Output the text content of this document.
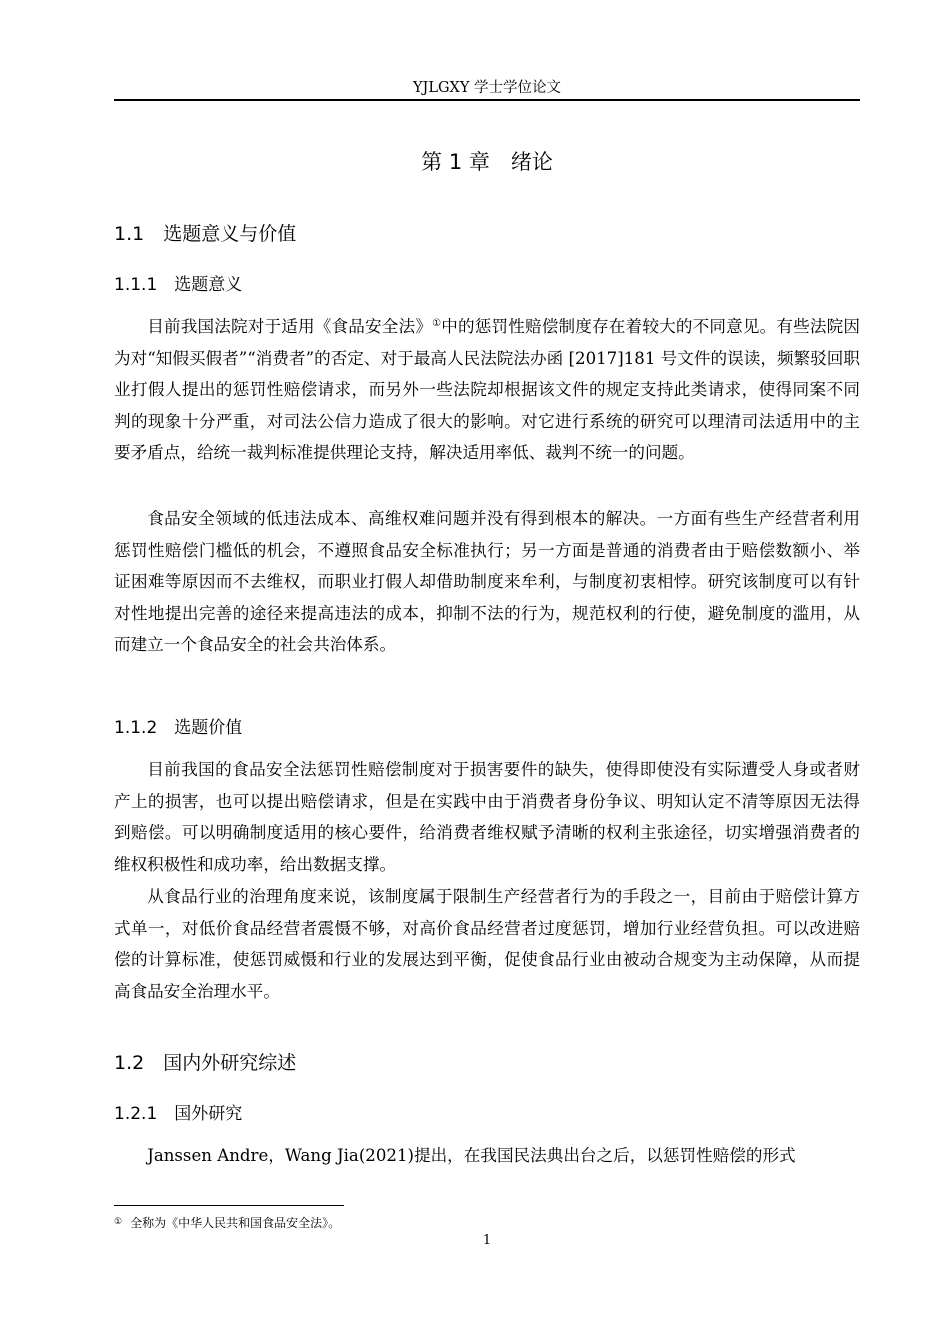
YJLGXY 学士学位论文
第 1 章　绪论
1.1　选题意义与价值
1.1.1　选题意义

目前我国法院对于适用《食品安全法》①中的惩罚性赔偿制度存在着较大的不同意见。有些法院因为对“知假买假者”“消费者”的否定、对于最高人民法院法办函 [2017]181 号文件的误读，频繁驳回职业打假人提出的惩罚性赔偿请求，而另外一些法院却根据该文件的规定支持此类请求，使得同案不同判的现象十分严重，对司法公信力造成了很大的影响。对它进行系统的研究可以理清司法适用中的主要矛盾点，给统一裁判标准提供理论支持，解决适用率低、裁判不统一的问题。

食品安全领域的低违法成本、高维权难问题并没有得到根本的解决。一方面有些生产经营者利用惩罚性赔偿门槛低的机会，不遵照食品安全标准执行；另一方面是普通的消费者由于赔偿数额小、举证困难等原因而不去维权，而职业打假人却借助制度来牟利，与制度初衷相悖。研究该制度可以有针对性地提出完善的途径来提高违法的成本，抑制不法的行为，规范权利的行使，避免制度的滥用，从而建立一个食品安全的社会共治体系。

1.1.2　选题价值

目前我国的食品安全法惩罚性赔偿制度对于损害要件的缺失，使得即使没有实际遭受人身或者财产上的损害，也可以提出赔偿请求，但是在实践中由于消费者身份争议、明知认定不清等原因无法得到赔偿。可以明确制度适用的核心要件，给消费者维权赋予清晰的权利主张途径，切实增强消费者的维权积极性和成功率，给出数据支撑。

从食品行业的治理角度来说，该制度属于限制生产经营者行为的手段之一，目前由于赔偿计算方式单一，对低价食品经营者震慑不够，对高价食品经营者过度惩罚，增加行业经营负担。可以改进赔偿的计算标准，使惩罚威慑和行业的发展达到平衡，促使食品行业由被动合规变为主动保障，从而提高食品安全治理水平。

1.2　国内外研究综述
1.2.1　国外研究

Janssen Andre，Wang Jia(2021)提出，在我国民法典出台之后，以惩罚性赔偿的形式

① 全称为《中华人民共和国食品安全法》。
1
